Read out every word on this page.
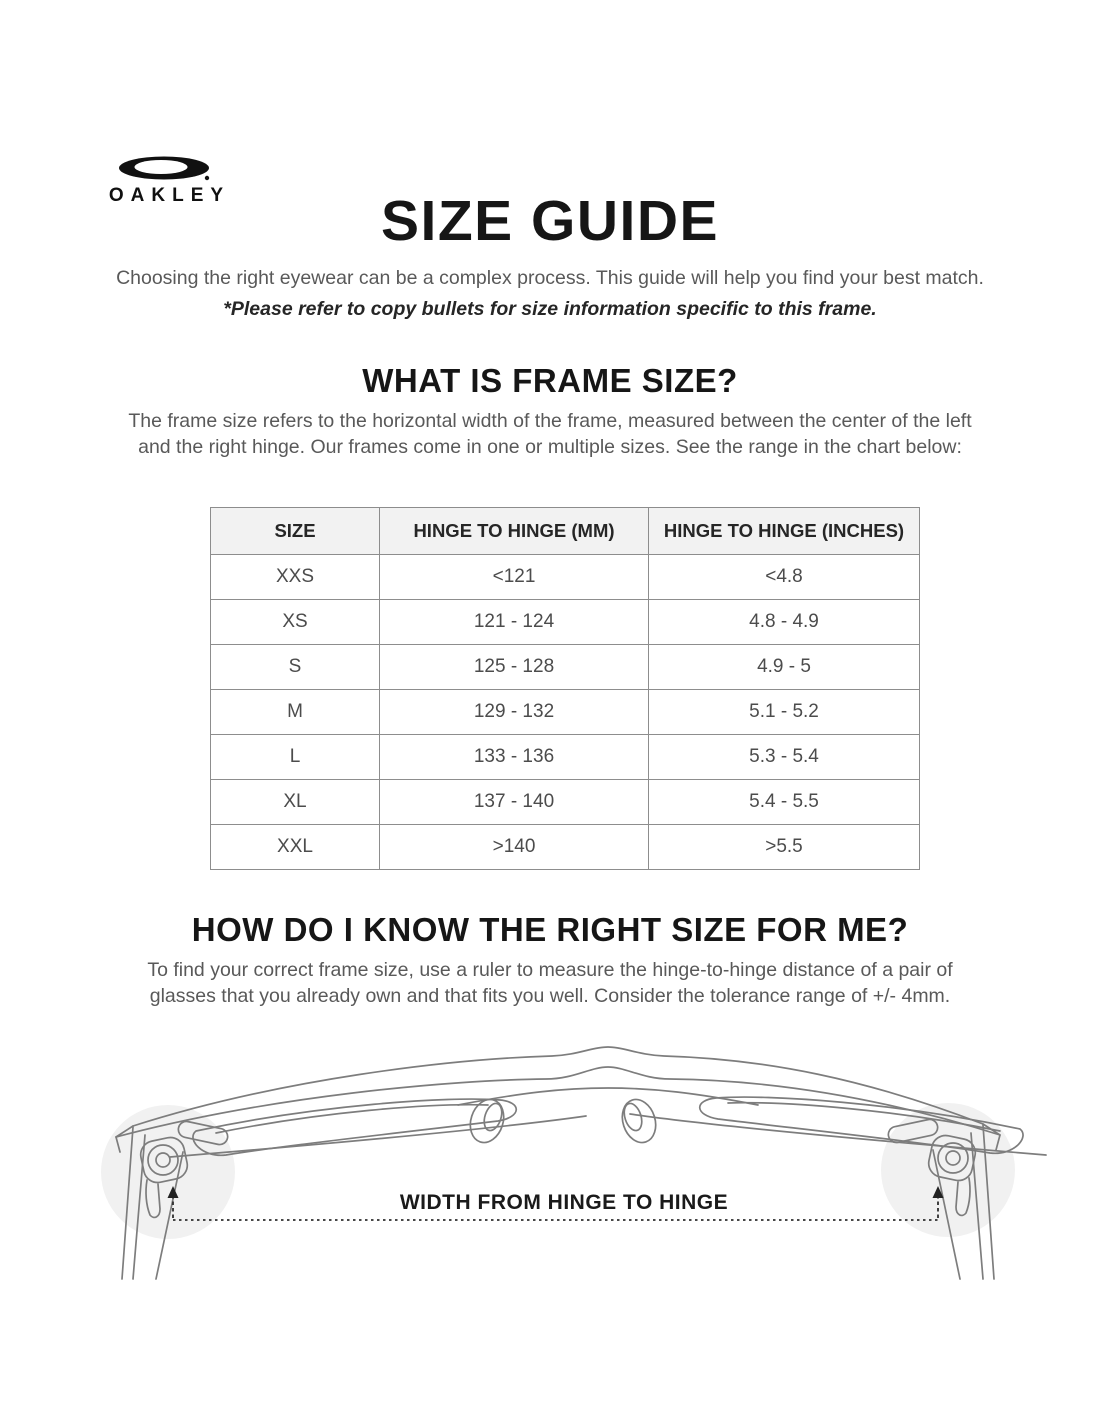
OAKLEY	SIZE GUIDE

Choosing the right eyewear can be a complex process. This guide will help you find your best match.

*Please refer to copy bullets for size information specific to this frame.

WHAT IS FRAME SIZE?

The frame size refers to the horizontal width of the frame, measured between the center of the left and the right hinge. Our frames come in one or multiple sizes. See the range in the chart below:

SIZE	HINGE TO HINGE (MM)	HINGE TO HINGE (INCHES)
XXS	<121	<4.8
XS	121 - 124	4.8 - 4.9
S	125 - 128	4.9 - 5
M	129 - 132	5.1 - 5.2
L	133 - 136	5.3 - 5.4
XL	137 - 140	5.4 - 5.5
XXL	>140	>5.5
HOW DO I KNOW THE RIGHT SIZE FOR ME?

To find your correct frame size, use a ruler to measure the hinge-to-hinge distance of a pair of glasses that you already own and that fits you well. Consider the tolerance range of +/- 4mm.

WIDTH FROM HINGE TO HINGE
